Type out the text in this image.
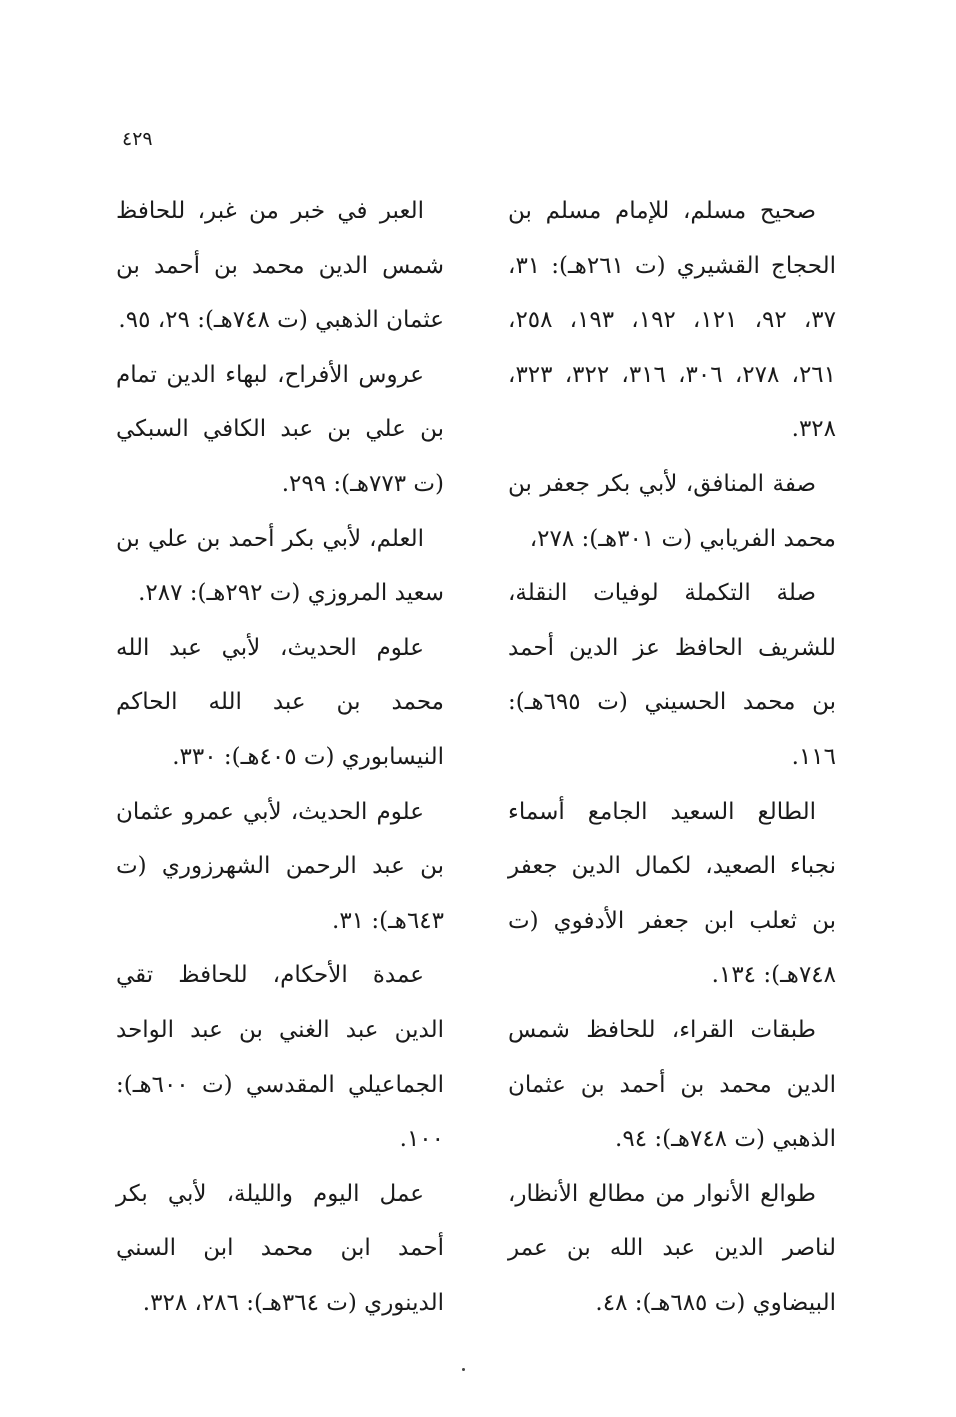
٤٢٩

صحيح مسلم، للإمام مسلم بن الحجاج القشيري (ت ٢٦١هـ): ٣١، ٣٧، ٩٢، ١٢١، ١٩٢، ١٩٣، ٢٥٨، ٢٦١، ٢٧٨، ٣٠٦، ٣١٦، ٣٢٢، ٣٢٣، ٣٢٨.

صفة المنافق، لأبي بكر جعفر بن محمد الفريابي (ت ٣٠١هـ): ٢٧٨،

صلة التكملة لوفيات النقلة، للشريف الحافظ عز الدين أحمد بن محمد الحسيني (ت ٦٩٥هـ): ١١٦.

الطالع السعيد الجامع أسماء نجباء الصعيد، لكمال الدين جعفر بن ثعلب ابن جعفر الأدفوي (ت ٧٤٨هـ): ١٣٤.

طبقات القراء، للحافظ شمس الدين محمد بن أحمد بن عثمان الذهبي (ت ٧٤٨هـ): ٩٤.

طوالع الأنوار من مطالع الأنظار، لناصر الدين عبد الله بن عمر البيضاوي (ت ٦٨٥هـ): ٤٨.

العبر في خبر من غبر، للحافظ شمس الدين محمد بن أحمد بن عثمان الذهبي (ت ٧٤٨هـ): ٢٩، ٩٥.

عروس الأفراح، لبهاء الدين تمام بن علي بن عبد الكافي السبكي (ت ٧٧٣هـ): ٢٩٩.

العلم، لأبي بكر أحمد بن علي بن سعيد المروزي (ت ٢٩٢هـ): ٢٨٧.

علوم الحديث، لأبي عبد الله محمد بن عبد الله الحاكم النيسابوري (ت ٤٠٥هـ): ٣٣٠.

علوم الحديث، لأبي عمرو عثمان بن عبد الرحمن الشهرزوري (ت ٦٤٣هـ): ٣١.

عمدة الأحكام، للحافظ تقي الدين عبد الغني بن عبد الواحد الجماعيلي المقدسي (ت ٦٠٠هـ): ١٠٠.

عمل اليوم والليلة، لأبي بكر أحمد ابن محمد ابن السني الدينوري (ت ٣٦٤هـ): ٢٨٦، ٣٢٨.
